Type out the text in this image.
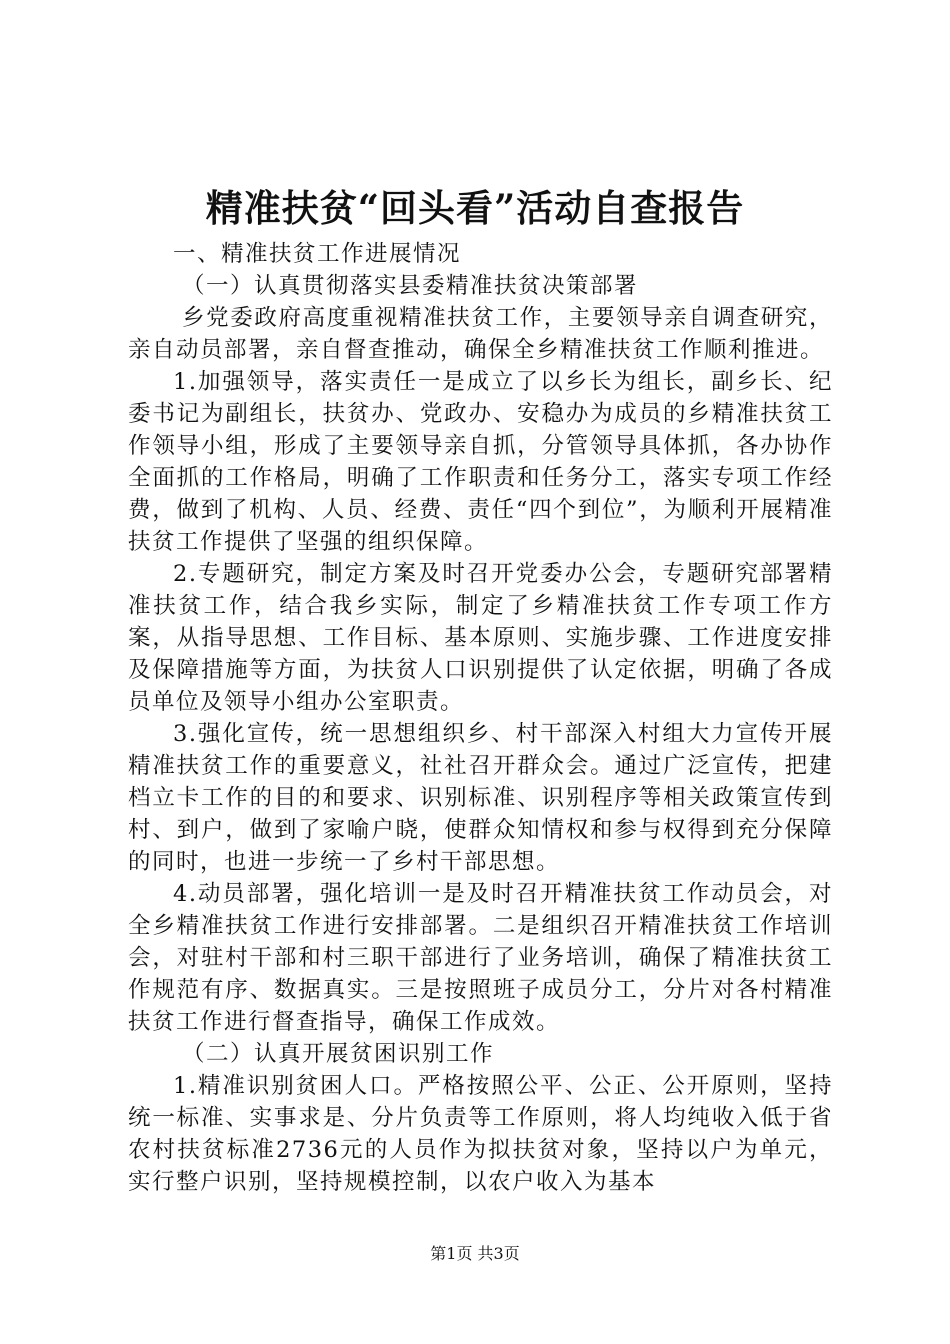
精准扶贫“回头看”活动自查报告

一、精准扶贫工作进展情况

（一）认真贯彻落实县委精准扶贫决策部署

乡党委政府高度重视精准扶贫工作，主要领导亲自调查研究，亲自动员部署，亲自督查推动，确保全乡精准扶贫工作顺利推进。

1.加强领导，落实责任一是成立了以乡长为组长，副乡长、纪委书记为副组长，扶贫办、党政办、安稳办为成员的乡精准扶贫工作领导小组，形成了主要领导亲自抓，分管领导具体抓，各办协作全面抓的工作格局，明确了工作职责和任务分工，落实专项工作经费，做到了机构、人员、经费、责任“四个到位”，为顺利开展精准扶贫工作提供了坚强的组织保障。

2.专题研究，制定方案及时召开党委办公会，专题研究部署精准扶贫工作，结合我乡实际，制定了乡精准扶贫工作专项工作方案，从指导思想、工作目标、基本原则、实施步骤、工作进度安排及保障措施等方面，为扶贫人口识别提供了认定依据，明确了各成员单位及领导小组办公室职责。

3.强化宣传，统一思想组织乡、村干部深入村组大力宣传开展精准扶贫工作的重要意义，社社召开群众会。通过广泛宣传，把建档立卡工作的目的和要求、识别标准、识别程序等相关政策宣传到村、到户，做到了家喻户晓，使群众知情权和参与权得到充分保障的同时，也进一步统一了乡村干部思想。

4.动员部署，强化培训一是及时召开精准扶贫工作动员会，对全乡精准扶贫工作进行安排部署。二是组织召开精准扶贫工作培训会，对驻村干部和村三职干部进行了业务培训，确保了精准扶贫工作规范有序、数据真实。三是按照班子成员分工，分片对各村精准扶贫工作进行督查指导，确保工作成效。

（二）认真开展贫困识别工作

1.精准识别贫困人口。严格按照公平、公正、公开原则，坚持统一标准、实事求是、分片负责等工作原则，将人均纯收入低于省农村扶贫标准2736元的人员作为拟扶贫对象，坚持以户为单元，实行整户识别，坚持规模控制，以农户收入为基本

第1页 共3页
